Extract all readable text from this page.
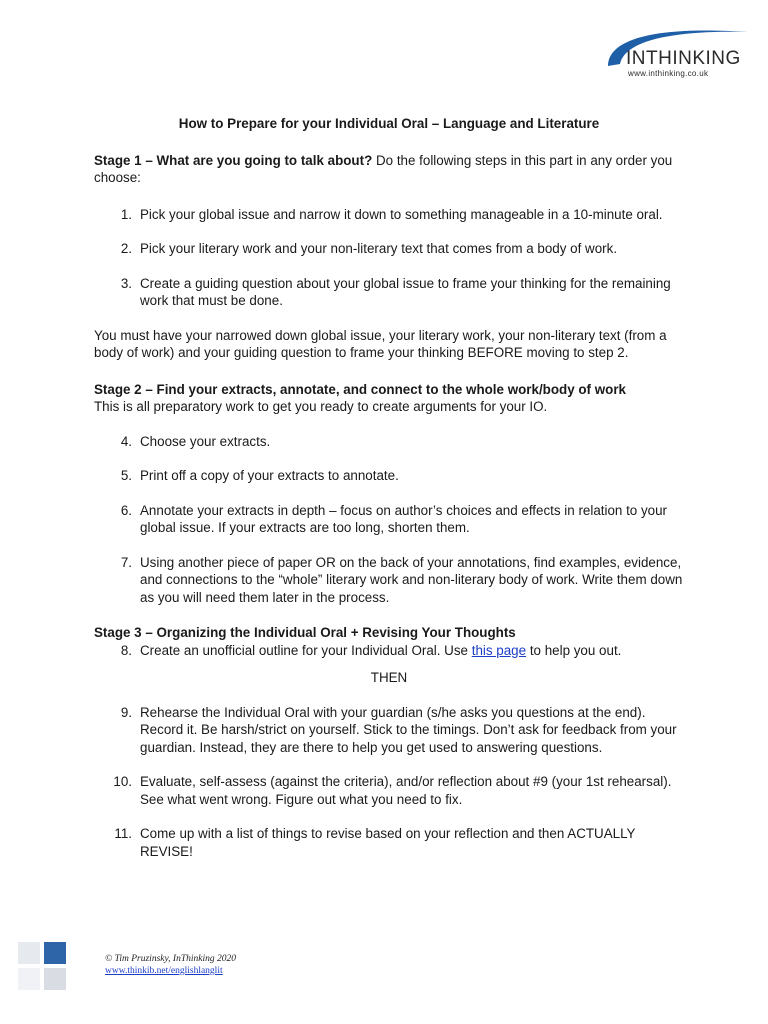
INTHINKING
www.inthinking.co.uk

How to Prepare for your Individual Oral – Language and Literature

Stage 1 – What are you going to talk about? Do the following steps in this part in any order you choose:

1. Pick your global issue and narrow it down to something manageable in a 10-minute oral.
2. Pick your literary work and your non-literary text that comes from a body of work.
3. Create a guiding question about your global issue to frame your thinking for the remaining work that must be done.

You must have your narrowed down global issue, your literary work, your non-literary text (from a body of work) and your guiding question to frame your thinking BEFORE moving to step 2.

Stage 2 – Find your extracts, annotate, and connect to the whole work/body of work

This is all preparatory work to get you ready to create arguments for your IO.

4. Choose your extracts.
5. Print off a copy of your extracts to annotate.
6. Annotate your extracts in depth – focus on author’s choices and effects in relation to your global issue. If your extracts are too long, shorten them.
7. Using another piece of paper OR on the back of your annotations, find examples, evidence, and connections to the “whole” literary work and non-literary body of work. Write them down as you will need them later in the process.

Stage 3 – Organizing the Individual Oral + Revising Your Thoughts

8. Create an unofficial outline for your Individual Oral. Use this page to help you out.

THEN

9. Rehearse the Individual Oral with your guardian (s/he asks you questions at the end). Record it. Be harsh/strict on yourself. Stick to the timings. Don’t ask for feedback from your guardian. Instead, they are there to help you get used to answering questions.
10. Evaluate, self-assess (against the criteria), and/or reflection about #9 (your 1st rehearsal). See what went wrong. Figure out what you need to fix.
11. Come up with a list of things to revise based on your reflection and then ACTUALLY REVISE!
© Tim Pruzinsky, InThinking 2020
www.thinkib.net/englishlanglit
